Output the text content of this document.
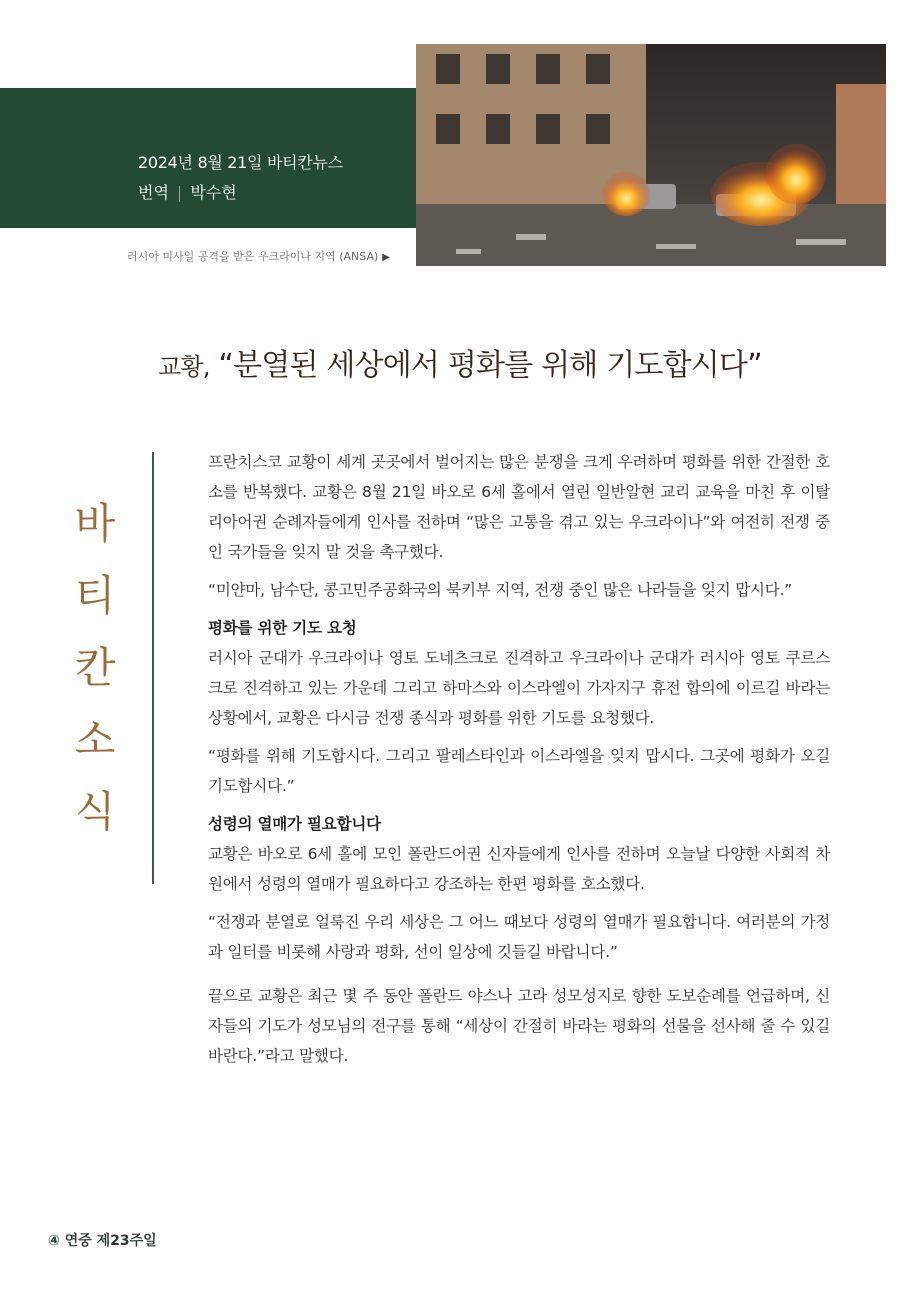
2024년 8월 21일 바티칸뉴스
번역 | 박수현
러시아 미사일 공격을 받은 우크라이나 지역 (ANSA) ▶
교황, “분열된 세상에서 평화를 위해 기도합시다”
바
티
칸
소
식

프란치스코 교황이 세계 곳곳에서 벌어지는 많은 분쟁을 크게 우려하며 평화를 위한 간절한 호소를 반복했다. 교황은 8월 21일 바오로 6세 홀에서 열린 일반알현 교리 교육을 마친 후 이탈리아어권 순례자들에게 인사를 전하며 “많은 고통을 겪고 있는 우크라이나”와 여전히 전쟁 중인 국가들을 잊지 말 것을 촉구했다.

“미얀마, 남수단, 콩고민주공화국의 북키부 지역, 전쟁 중인 많은 나라들을 잊지 맙시다.”

평화를 위한 기도 요청

러시아 군대가 우크라이나 영토 도네츠크로 진격하고 우크라이나 군대가 러시아 영토 쿠르스크로 진격하고 있는 가운데 그리고 하마스와 이스라엘이 가자지구 휴전 합의에 이르길 바라는 상황에서, 교황은 다시금 전쟁 종식과 평화를 위한 기도를 요청했다.

“평화를 위해 기도합시다. 그리고 팔레스타인과 이스라엘을 잊지 맙시다. 그곳에 평화가 오길 기도합시다.”

성령의 열매가 필요합니다

교황은 바오로 6세 홀에 모인 폴란드어권 신자들에게 인사를 전하며 오늘날 다양한 사회적 차원에서 성령의 열매가 필요하다고 강조하는 한편 평화를 호소했다.

“전쟁과 분열로 얼룩진 우리 세상은 그 어느 때보다 성령의 열매가 필요합니다. 여러분의 가정과 일터를 비롯해 사랑과 평화, 선이 일상에 깃들길 바랍니다.”

끝으로 교황은 최근 몇 주 동안 폴란드 야스나 고라 성모성지로 향한 도보순례를 언급하며, 신자들의 기도가 성모님의 전구를 통해 “세상이 간절히 바라는 평화의 선물을 선사해 줄 수 있길 바란다.”라고 말했다.

④ 연중 제23주일
